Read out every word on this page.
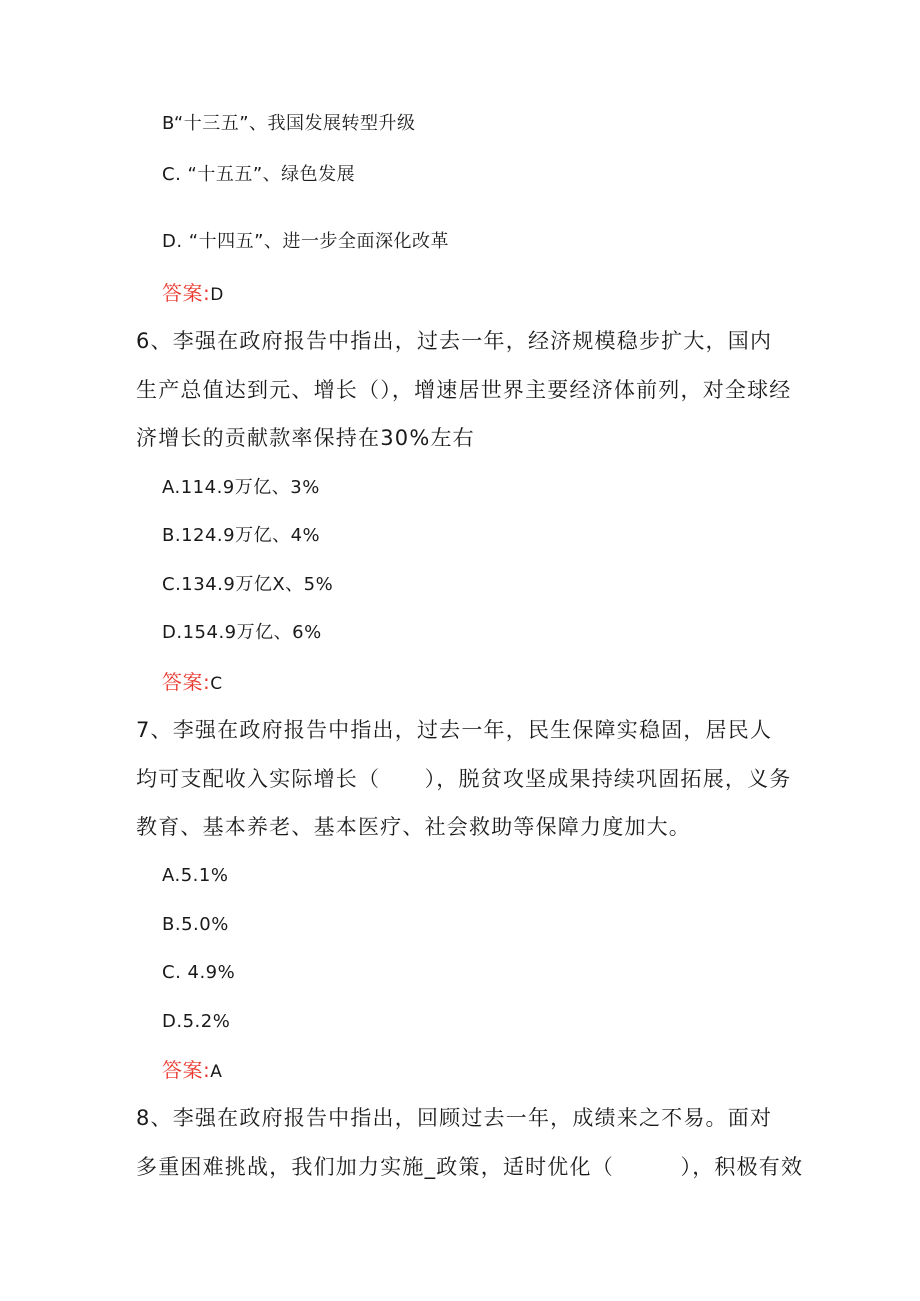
B“十三五”、我国发展转型升级
C. “十五五”、绿色发展
D. “十四五”、进一步全面深化改革
答案:D
6、李强在政府报告中指出，过去一年，经济规模稳步扩大，国内
生产总值达到元、增长（），增速居世界主要经济体前列，对全球经
济增长的贡献款率保持在30%左右
A.114.9万亿、3%
B.124.9万亿、4%
C.134.9万亿X、5%
D.154.9万亿、6%
答案:C
7、李强在政府报告中指出，过去一年，民生保障实稳固，居民人
均可支配收入实际增长（　　），脱贫攻坚成果持续巩固拓展，义务
教育、基本养老、基本医疗、社会救助等保障力度加大。
A.5.1%
B.5.0%
C. 4.9%
D.5.2%
答案:A
8、李强在政府报告中指出，回顾过去一年，成绩来之不易。面对
多重困难挑战，我们加力实施_政策，适时优化（　　　），积极有效
